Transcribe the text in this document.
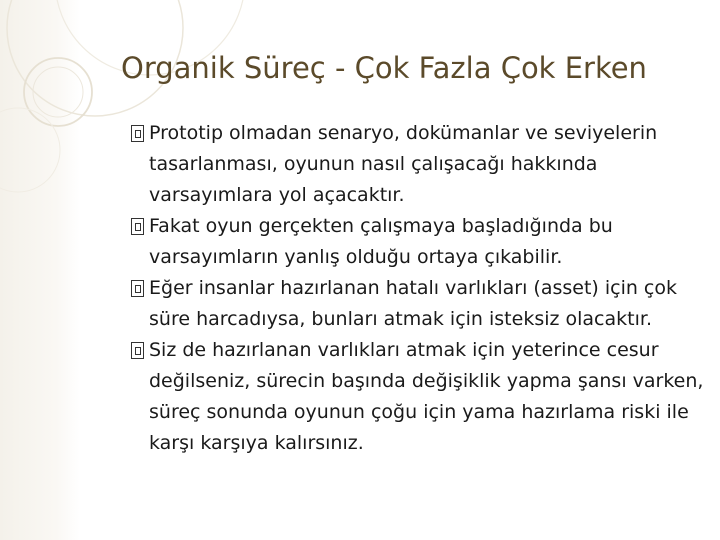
Organik Süreç - Çok Fazla Çok Erken
Prototip olmadan senaryo, dokümanlar ve seviyelerin tasarlanması, oyunun nasıl çalışacağı hakkında varsayımlara yol açacaktır.
Fakat oyun gerçekten çalışmaya başladığında bu varsayımların yanlış olduğu ortaya çıkabilir.
Eğer insanlar hazırlanan hatalı varlıkları (asset) için çok süre harcadıysa, bunları atmak için isteksiz olacaktır.
Siz de hazırlanan varlıkları atmak için yeterince cesur değilseniz, sürecin başında değişiklik yapma şansı varken, süreç sonunda oyunun çoğu için yama hazırlama riski ile karşı karşıya kalırsınız.
